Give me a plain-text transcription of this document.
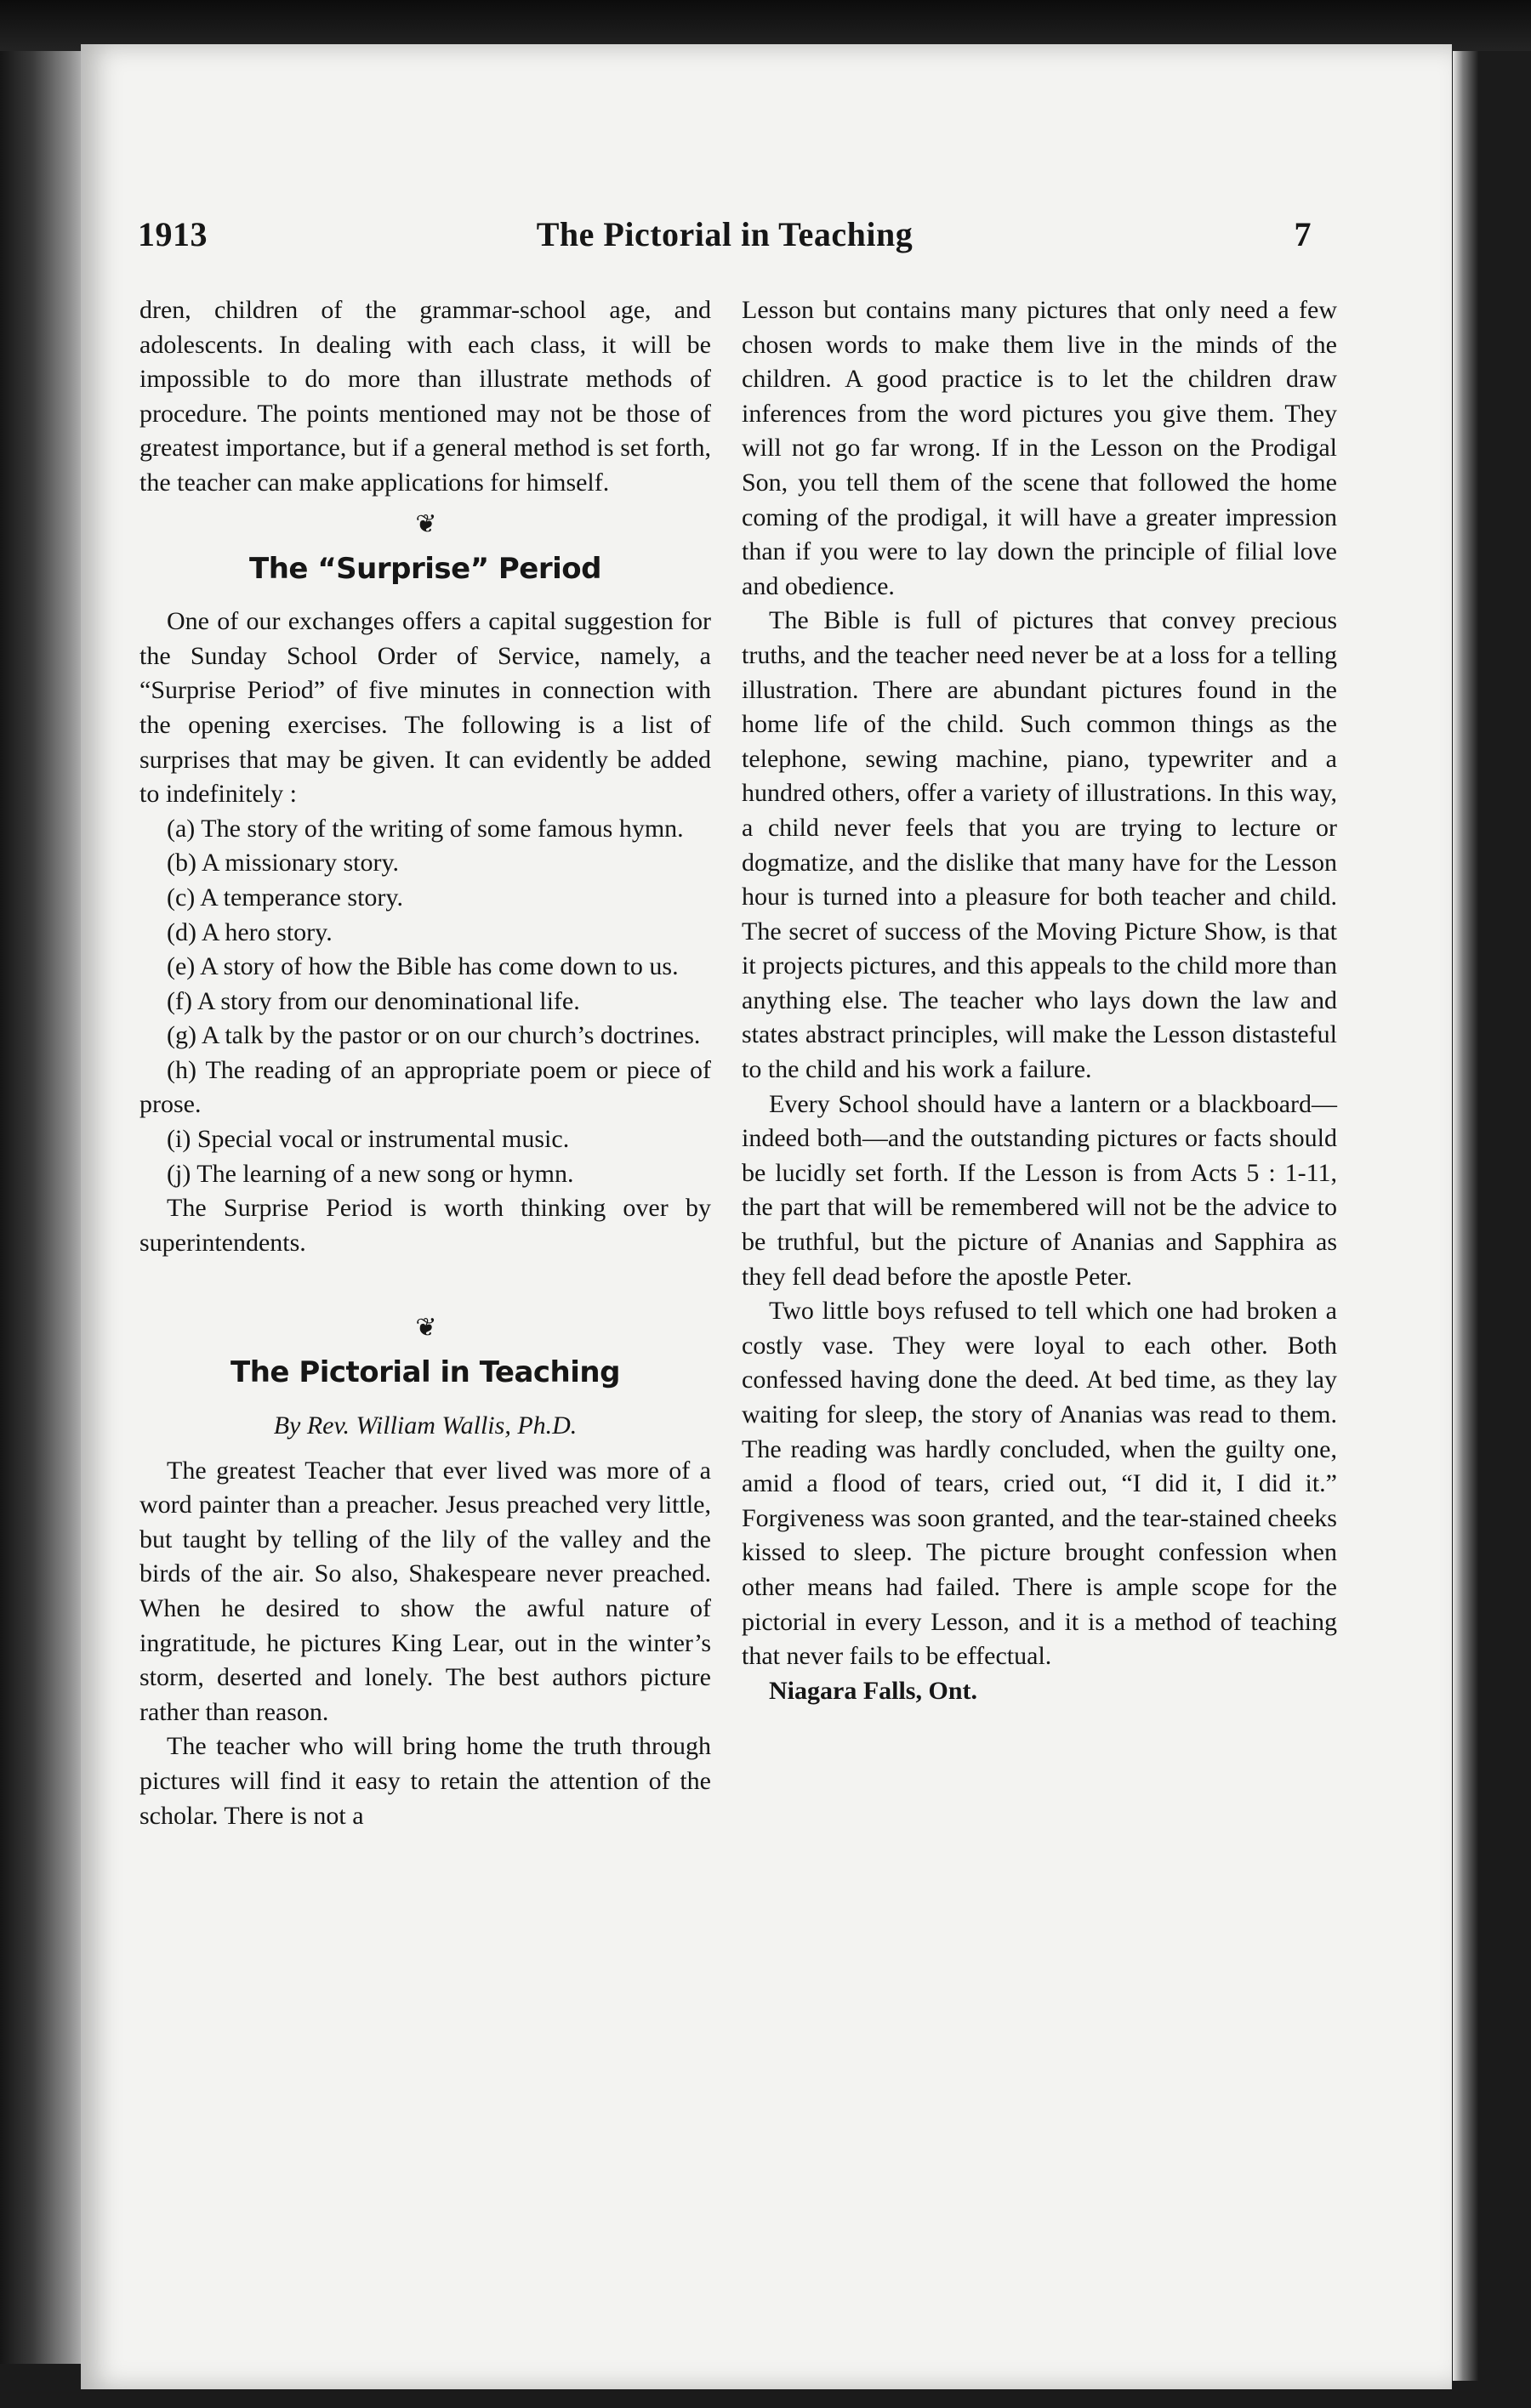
The Pictorial in Teaching
1913	7

dren, children of the grammar-school age, and adolescents. In dealing with each class, it will be impossible to do more than illustrate methods of procedure. The points mentioned may not be those of greatest importance, but if a general method is set forth, the teacher can make applications for himself.

❦
The “Surprise” Period

One of our exchanges offers a capital suggestion for the Sunday School Order of Service, namely, a “Surprise Period” of five minutes in connection with the opening exercises. The following is a list of surprises that may be given. It can evidently be added to indefinitely :

(a) The story of the writing of some famous hymn.

(b) A missionary story.

(c) A temperance story.

(d) A hero story.

(e) A story of how the Bible has come down to us.

(f) A story from our denominational life.

(g) A talk by the pastor or on our church’s doctrines.

(h) The reading of an appropriate poem or piece of prose.

(i) Special vocal or instrumental music.

(j) The learning of a new song or hymn.

The Surprise Period is worth thinking over by superintendents.

❦
The Pictorial in Teaching
By Rev. William Wallis, Ph.D.

The greatest Teacher that ever lived was more of a word painter than a preacher. Jesus preached very little, but taught by telling of the lily of the valley and the birds of the air. So also, Shakespeare never preached. When he desired to show the awful nature of ingratitude, he pictures King Lear, out in the winter’s storm, deserted and lonely. The best authors picture rather than reason.

The teacher who will bring home the truth through pictures will find it easy to retain the attention of the scholar. There is not a

Lesson but contains many pictures that only need a few chosen words to make them live in the minds of the children. A good practice is to let the children draw inferences from the word pictures you give them. They will not go far wrong. If in the Lesson on the Prodigal Son, you tell them of the scene that followed the home coming of the prodigal, it will have a greater impression than if you were to lay down the principle of filial love and obedience.

The Bible is full of pictures that convey precious truths, and the teacher need never be at a loss for a telling illustration. There are abundant pictures found in the home life of the child. Such common things as the telephone, sewing machine, piano, typewriter and a hundred others, offer a variety of illustrations. In this way, a child never feels that you are trying to lecture or dogmatize, and the dislike that many have for the Lesson hour is turned into a pleasure for both teacher and child. The secret of success of the Moving Picture Show, is that it projects pictures, and this appeals to the child more than anything else. The teacher who lays down the law and states abstract principles, will make the Lesson distasteful to the child and his work a failure.

Every School should have a lantern or a blackboard—indeed both—and the outstanding pictures or facts should be lucidly set forth. If the Lesson is from Acts 5 : 1-11, the part that will be remembered will not be the advice to be truthful, but the picture of Ananias and Sapphira as they fell dead before the apostle Peter.

Two little boys refused to tell which one had broken a costly vase. They were loyal to each other. Both confessed having done the deed. At bed time, as they lay waiting for sleep, the story of Ananias was read to them. The reading was hardly concluded, when the guilty one, amid a flood of tears, cried out, “I did it, I did it.” Forgiveness was soon granted, and the tear-stained cheeks kissed to sleep. The picture brought confession when other means had failed. There is ample scope for the pictorial in every Lesson, and it is a method of teaching that never fails to be effectual.

Niagara Falls, Ont.
